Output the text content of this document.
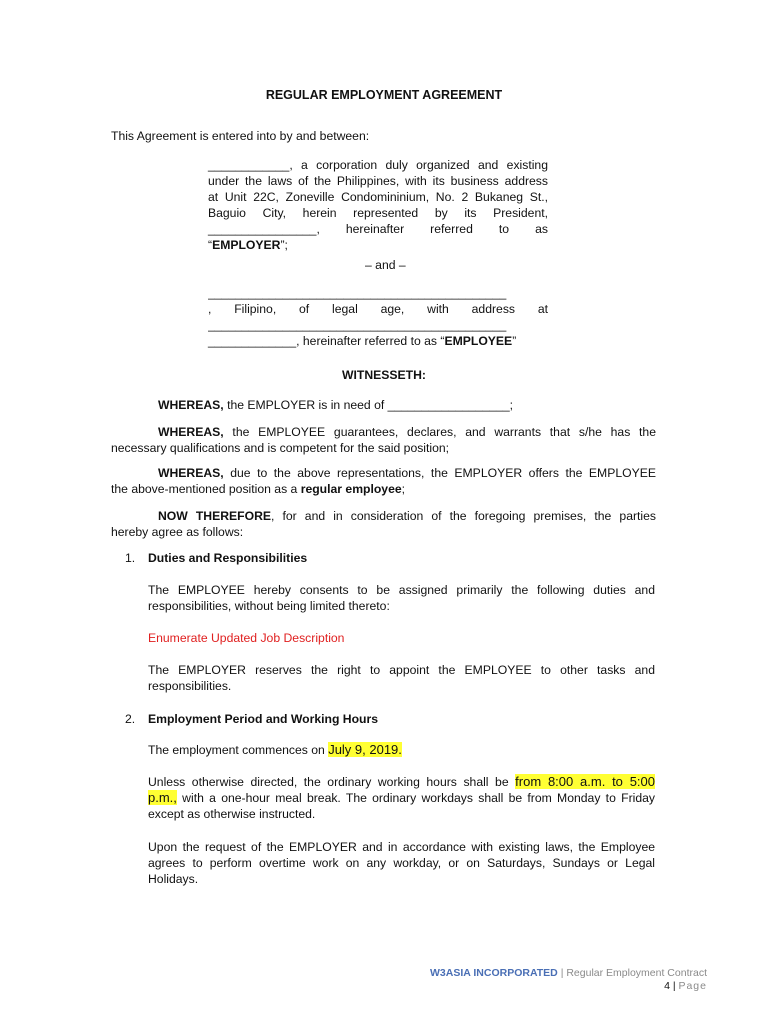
REGULAR EMPLOYMENT AGREEMENT
This Agreement is entered into by and between:
____________, a corporation duly organized and existing
under the laws of the Philippines, with its business address
at Unit 22C, Zoneville Condomininium, No. 2 Bukaneg St.,
Baguio City, herein represented by its President,
________________, hereinafter referred to as
“EMPLOYER”;
– and –
____________________________________________
, Filipino, of legal age, with address at
____________________________________________
_____________, hereinafter referred to as “EMPLOYEE”
WITNESSETH:
WHEREAS, the EMPLOYER is in need of __________________;
WHEREAS, the EMPLOYEE guarantees, declares, and warrants that s/he has the
necessary qualifications and is competent for the said position;
WHEREAS, due to the above representations, the EMPLOYER offers the EMPLOYEE
the above-mentioned position as a regular employee;
NOW THEREFORE, for and in consideration of the foregoing premises, the parties
hereby agree as follows:
1. Duties and Responsibilities
The EMPLOYEE hereby consents to be assigned primarily the following duties and
responsibilities, without being limited thereto:
Enumerate Updated Job Description
The EMPLOYER reserves the right to appoint the EMPLOYEE to other tasks and
responsibilities.
2. Employment Period and Working Hours
The employment commences on July 9, 2019.
Unless otherwise directed, the ordinary working hours shall be from 8:00 a.m. to 5:00
p.m., with a one-hour meal break. The ordinary workdays shall be from Monday to Friday
except as otherwise instructed.
Upon the request of the EMPLOYER and in accordance with existing laws, the Employee
agrees to perform overtime work on any workday, or on Saturdays, Sundays or Legal
Holidays.
W3ASIA INCORPORATED | Regular Employment Contract
4 | Page
